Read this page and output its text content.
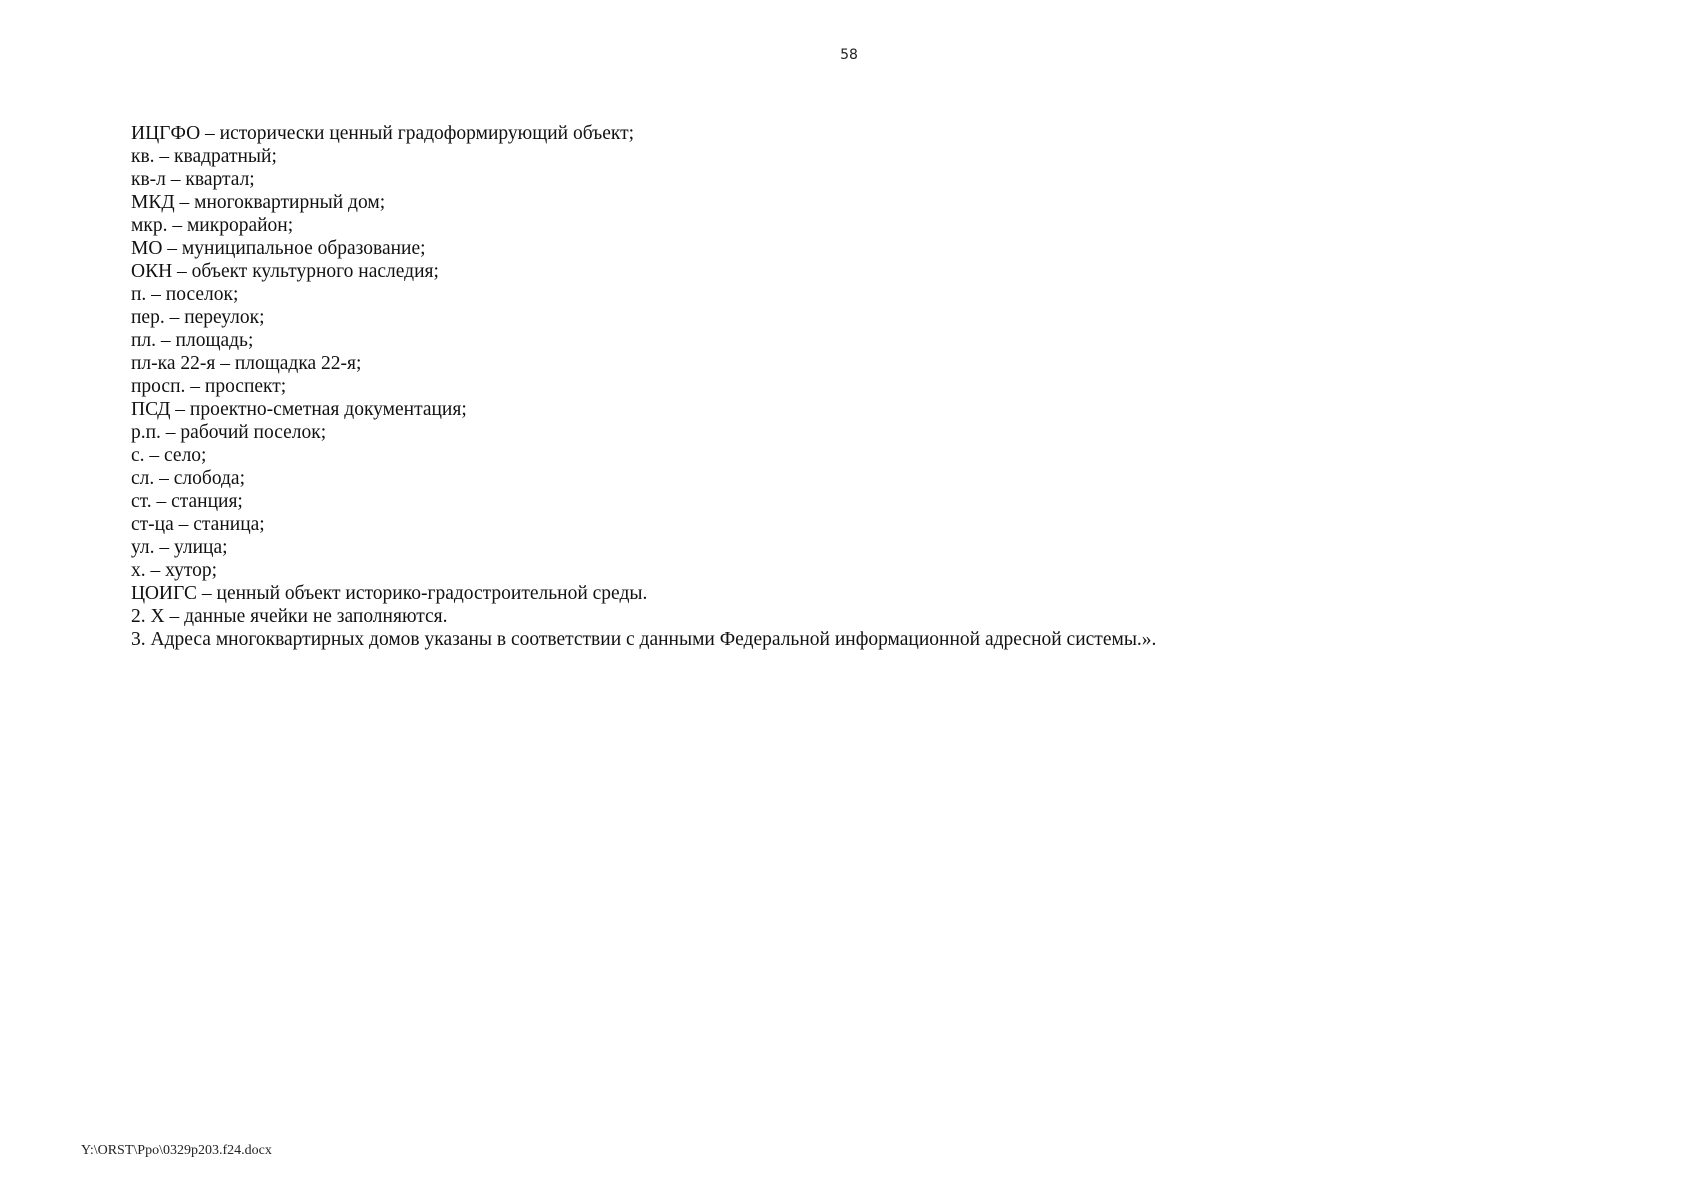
58
ИЦГФО – исторически ценный градоформирующий объект;
кв. – квадратный;
кв-л – квартал;
МКД – многоквартирный дом;
мкр. – микрорайон;
МО – муниципальное образование;
ОКН – объект культурного наследия;
п. – поселок;
пер. – переулок;
пл. – площадь;
пл-ка 22-я – площадка 22-я;
просп. – проспект;
ПСД – проектно-сметная документация;
р.п. – рабочий поселок;
с. – село;
сл. – слобода;
ст. – станция;
ст-ца – станица;
ул. – улица;
х. – хутор;
ЦОИГС – ценный объект историко-градостроительной среды.
2. Х – данные ячейки не заполняются.
3. Адреса многоквартирных домов указаны в соответствии с данными Федеральной информационной адресной системы.».
Y:\ORST\Ppo\0329p203.f24.docx
